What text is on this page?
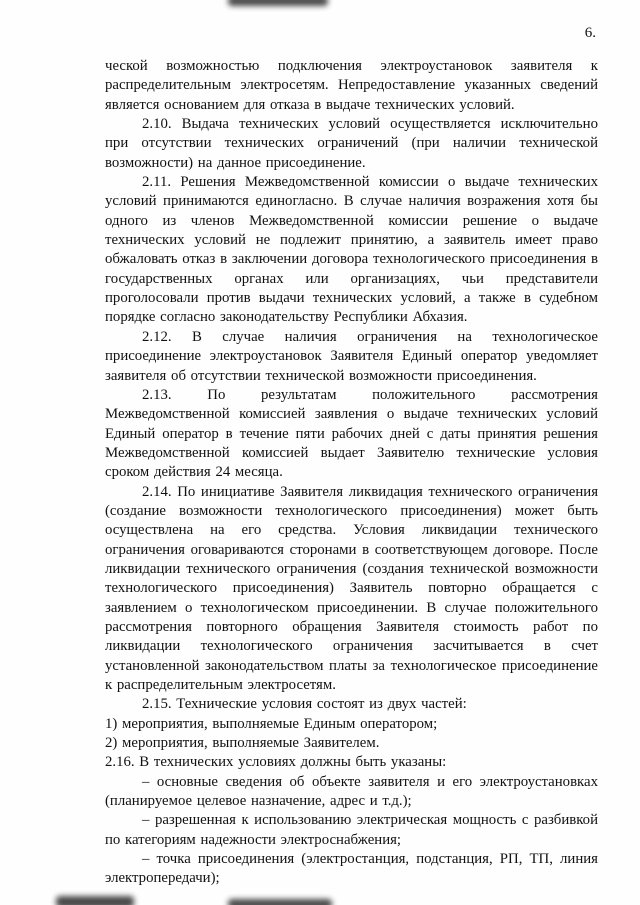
6.

ческой возможностью подключения электроустановок заявителя к распределительным электросетям. Непредоставление указанных сведений является основанием для отказа в выдаче технических условий.

2.10. Выдача технических условий осуществляется исключительно при отсутствии технических ограничений (при наличии технической возможности) на данное присоединение.

2.11. Решения Межведомственной комиссии о выдаче технических условий принимаются единогласно. В случае наличия возражения хотя бы одного из членов Межведомственной комиссии решение о выдаче технических условий не подлежит принятию, а заявитель имеет право обжаловать отказ в заключении договора технологического присоединения в государственных органах или организациях, чьи представители проголосовали против выдачи технических условий, а также в судебном порядке согласно законодательству Республики Абхазия.

2.12. В случае наличия ограничения на технологическое присоединение электроустановок Заявителя Единый оператор уведомляет заявителя об отсутствии технической возможности присоединения.

2.13. По результатам положительного рассмотрения Межведомственной комиссией заявления о выдаче технических условий Единый оператор в течение пяти рабочих дней с даты принятия решения Межведомственной комиссией выдает Заявителю технические условия сроком действия 24 месяца.

2.14. По инициативе Заявителя ликвидация технического ограничения (создание возможности технологического присоединения) может быть осуществлена на его средства. Условия ликвидации технического ограничения оговариваются сторонами в соответствующем договоре. После ликвидации технического ограничения (создания технической возможности технологического присоединения) Заявитель повторно обращается с заявлением о технологическом присоединении. В случае положительного рассмотрения повторного обращения Заявителя стоимость работ по ликвидации технологического ограничения засчитывается в счет установленной законодательством платы за технологическое присоединение к распределительным электросетям.

2.15. Технические условия состоят из двух частей:

1) мероприятия, выполняемые Единым оператором;

2) мероприятия, выполняемые Заявителем.

2.16. В технических условиях должны быть указаны:

– основные сведения об объекте заявителя и его электроустановках (планируемое целевое назначение, адрес и т.д.);

– разрешенная к использованию электрическая мощность с разбивкой по категориям надежности электроснабжения;

– точка присоединения (электростанция, подстанция, РП, ТП, линия электропередачи);
